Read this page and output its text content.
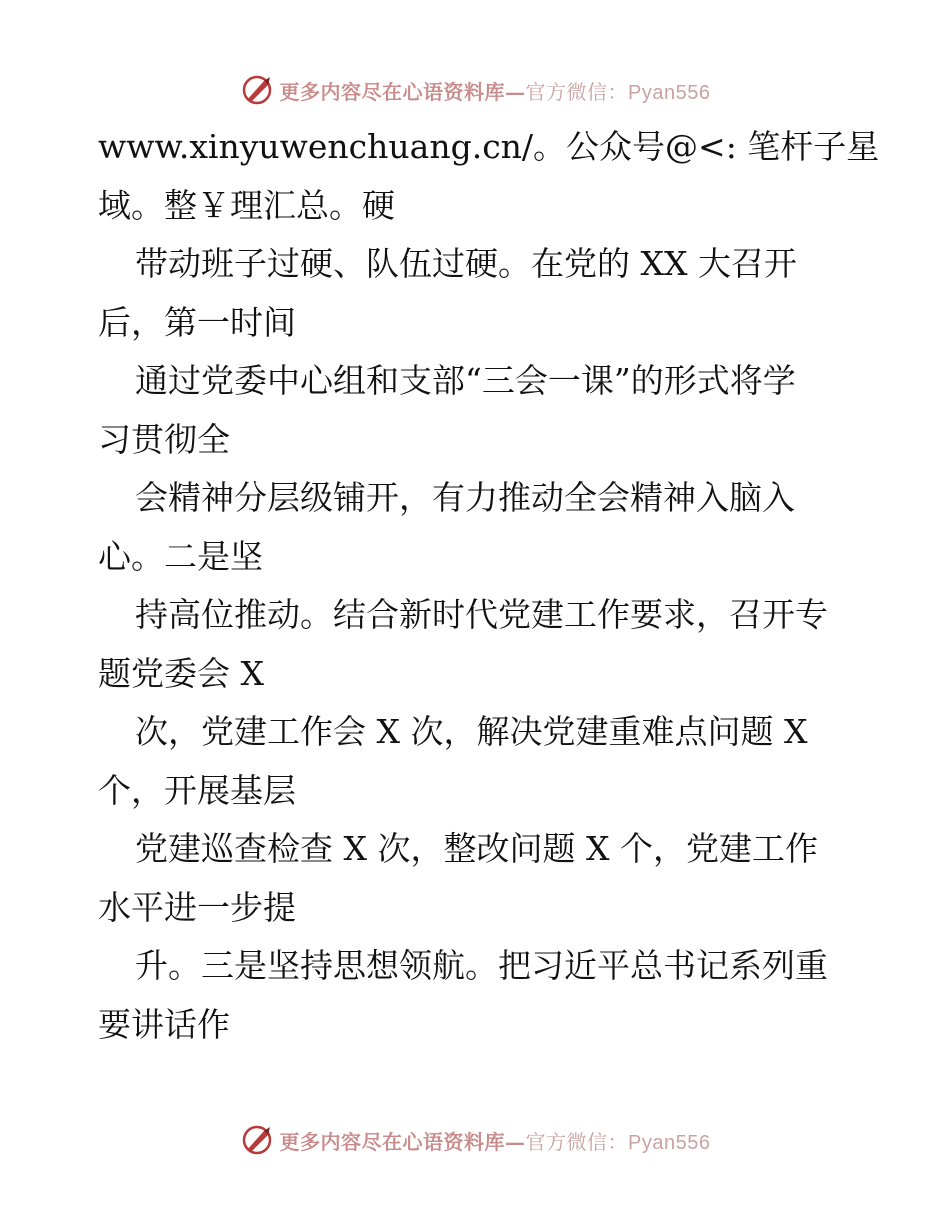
更多内容尽在心语资料库—官方微信：Pyan556
www.xinyuwenchuang.cn/。公众号@<: 笔杆子星
域。整￥理汇总。硬
带动班子过硬、队伍过硬。在党的 XX 大召开
后，第一时间
通过党委中心组和支部“三会一课”的形式将学
习贯彻全
会精神分层级铺开，有力推动全会精神入脑入
心。二是坚
持高位推动。结合新时代党建工作要求，召开专
题党委会 X
次，党建工作会 X 次，解决党建重难点问题 X
个，开展基层
党建巡查检查 X 次，整改问题 X 个，党建工作
水平进一步提
升。三是坚持思想领航。把习近平总书记系列重
要讲话作
更多内容尽在心语资料库—官方微信：Pyan556
